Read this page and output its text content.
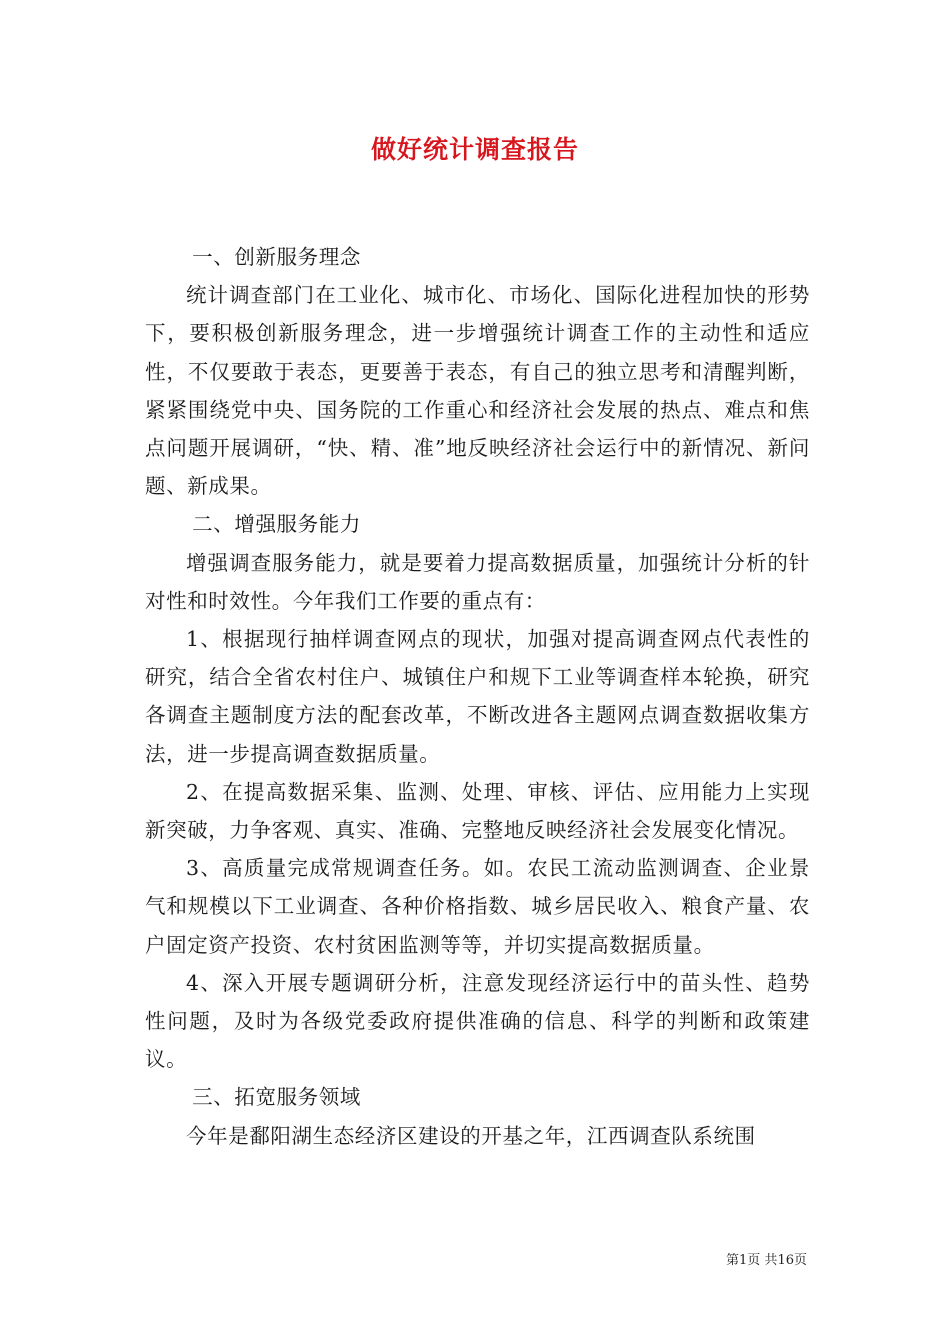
做好统计调查报告

一、创新服务理念

统计调查部门在工业化、城市化、市场化、国际化进程加快的形势下，要积极创新服务理念，进一步增强统计调查工作的主动性和适应性，不仅要敢于表态，更要善于表态，有自己的独立思考和清醒判断，紧紧围绕党中央、国务院的工作重心和经济社会发展的热点、难点和焦点问题开展调研，“快、精、准”地反映经济社会运行中的新情况、新问题、新成果。

二、增强服务能力

增强调查服务能力，就是要着力提高数据质量，加强统计分析的针对性和时效性。今年我们工作要的重点有：

1、根据现行抽样调查网点的现状，加强对提高调查网点代表性的研究，结合全省农村住户、城镇住户和规下工业等调查样本轮换，研究各调查主题制度方法的配套改革，不断改进各主题网点调查数据收集方法，进一步提高调查数据质量。

2、在提高数据采集、监测、处理、审核、评估、应用能力上实现新突破，力争客观、真实、准确、完整地反映经济社会发展变化情况。

3、高质量完成常规调查任务。如。农民工流动监测调查、企业景气和规模以下工业调查、各种价格指数、城乡居民收入、粮食产量、农户固定资产投资、农村贫困监测等等，并切实提高数据质量。

4、深入开展专题调研分析，注意发现经济运行中的苗头性、趋势性问题，及时为各级党委政府提供准确的信息、科学的判断和政策建议。

三、拓宽服务领域

今年是鄱阳湖生态经济区建设的开基之年，江西调查队系统围

第1页 共16页
